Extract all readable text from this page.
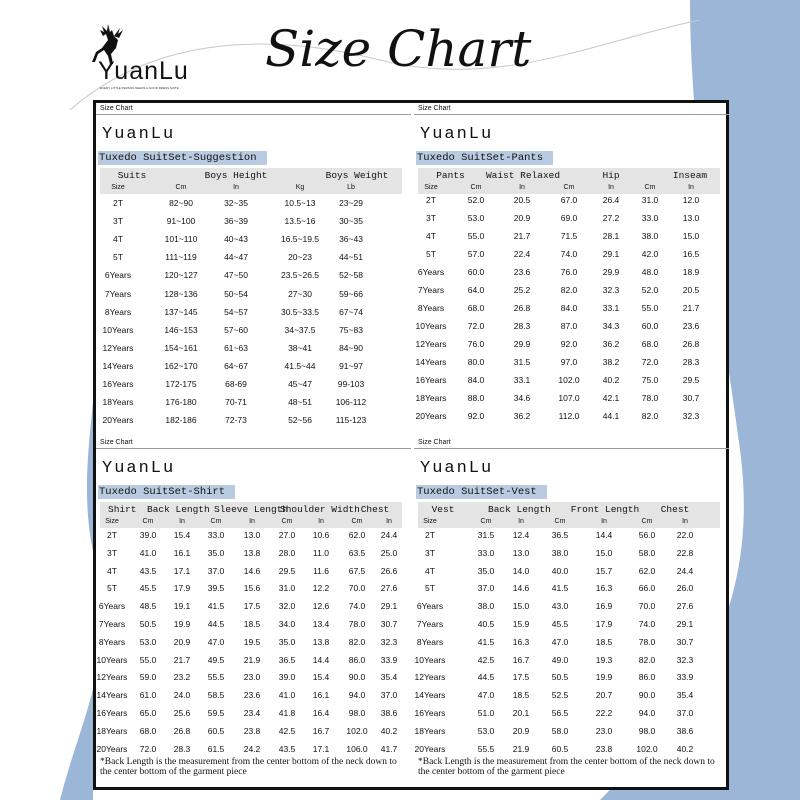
YuanLu
EVERY LITTLE PERSON NEEDS A GOOD DRESS SUITE
Size Chart
Size Chart
YuanLu
Tuxedo SuitSet-Suggestion
Suits	Boys Height	Boys Weight
Size	Cm	In	Kg	Lb
2T	82~90	32~35	10.5~13	23~29
3T	91~100	36~39	13.5~16	30~35
4T	101~110	40~43	16.5~19.5	36~43
5T	111~119	44~47	20~23	44~51
6Years	120~127	47~50	23.5~26.5	52~58
7Years	128~136	50~54	27~30	59~66
8Years	137~145	54~57	30.5~33.5	67~74
10Years	146~153	57~60	34~37.5	75~83
12Years	154~161	61~63	38~41	84~90
14Years	162~170	64~67	41.5~44	91~97
16Years	172-175	68-69	45~47	99-103
18Years	176-180	70-71	48~51	106-112
20Years	182-186	72-73	52~56	115-123
Size Chart
YuanLu
Tuxedo SuitSet-Pants
Pants	Waist Relaxed	Hip	Inseam
Size	Cm	In	Cm	In	Cm	In
2T	52.0	20.5	67.0	26.4	31.0	12.0
3T	53.0	20.9	69.0	27.2	33.0	13.0
4T	55.0	21.7	71.5	28.1	38.0	15.0
5T	57.0	22.4	74.0	29.1	42.0	16.5
6Years	60.0	23.6	76.0	29.9	48.0	18.9
7Years	64.0	25.2	82.0	32.3	52.0	20.5
8Years	68.0	26.8	84.0	33.1	55.0	21.7
10Years	72.0	28.3	87.0	34.3	60.0	23.6
12Years	76.0	29.9	92.0	36.2	68.0	26.8
14Years	80.0	31.5	97.0	38.2	72.0	28.3
16Years	84.0	33.1	102.0	40.2	75.0	29.5
18Years	88.0	34.6	107.0	42.1	78.0	30.7
20Years	92.0	36.2	112.0	44.1	82.0	32.3
Size Chart
YuanLu
Tuxedo SuitSet-Shirt
Shirt Back Length Sleeve Length
Shoulder Width Chest
Size	Cm	In	Cm	In	Cm	In	Cm	In
2T	39.0	15.4	33.0	13.0	27.0	10.6	62.0	24.4
3T	41.0	16.1	35.0	13.8	28.0	11.0	63.5	25.0
4T	43.5	17.1	37.0	14.6	29.5	11.6	67.5	26.6
5T	45.5	17.9	39.5	15.6	31.0	12.2	70.0	27.6
6Years	48.5	19.1	41.5	17.5	32.0	12.6	74.0	29.1
7Years	50.5	19.9	44.5	18.5	34.0	13.4	78.0	30.7
8Years	53.0	20.9	47.0	19.5	35.0	13.8	82.0	32.3
10Years	55.0	21.7	49.5	21.9	36.5	14.4	86.0	33.9
12Years	59.0	23.2	55.5	23.0	39.0	15.4	90.0	35.4
14Years	61.0	24.0	58.5	23.6	41.0	16.1	94.0	37.0
16Years	65.0	25.6	59.5	23.4	41.8	16.4	98.0	38.6
18Years	68.0	26.8	60.5	23.8	42.5	16.7	102.0	40.2
20Years	72.0	28.3	61.5	24.2	43.5	17.1	106.0	41.7
*Back Length is the measurement from the center bottom of the neck down to the center bottom of the garment piece
Size Chart
YuanLu
Tuxedo SuitSet-Vest
Vest	Back Length Front Length	Chest
Size	Cm	In	Cm	In	Cm	In
2T	31.5	12.4	36.5	14.4	56.0	22.0
3T	33.0	13.0	38.0	15.0	58.0	22.8
4T	35.0	14.0	40.0	15.7	62.0	24.4
5T	37.0	14.6	41.5	16.3	66.0	26.0
6Years	38.0	15.0	43.0	16.9	70.0	27.6
7Years	40.5	15.9	45.5	17.9	74.0	29.1
8Years	41.5	16.3	47.0	18.5	78.0	30.7
10Years	42.5	16.7	49.0	19.3	82.0	32.3
12Years	44.5	17.5	50.5	19.9	86.0	33.9
14Years	47.0	18.5	52.5	20.7	90.0	35.4
16Years	51.0	20.1	56.5	22.2	94.0	37.0
18Years	53.0	20.9	58.0	23.0	98.0	38.6
20Years	55.5	21.9	60.5	23.8	102.0	40.2
*Back Length is the measurement from the center bottom of the neck down to the center bottom of the garment piece
